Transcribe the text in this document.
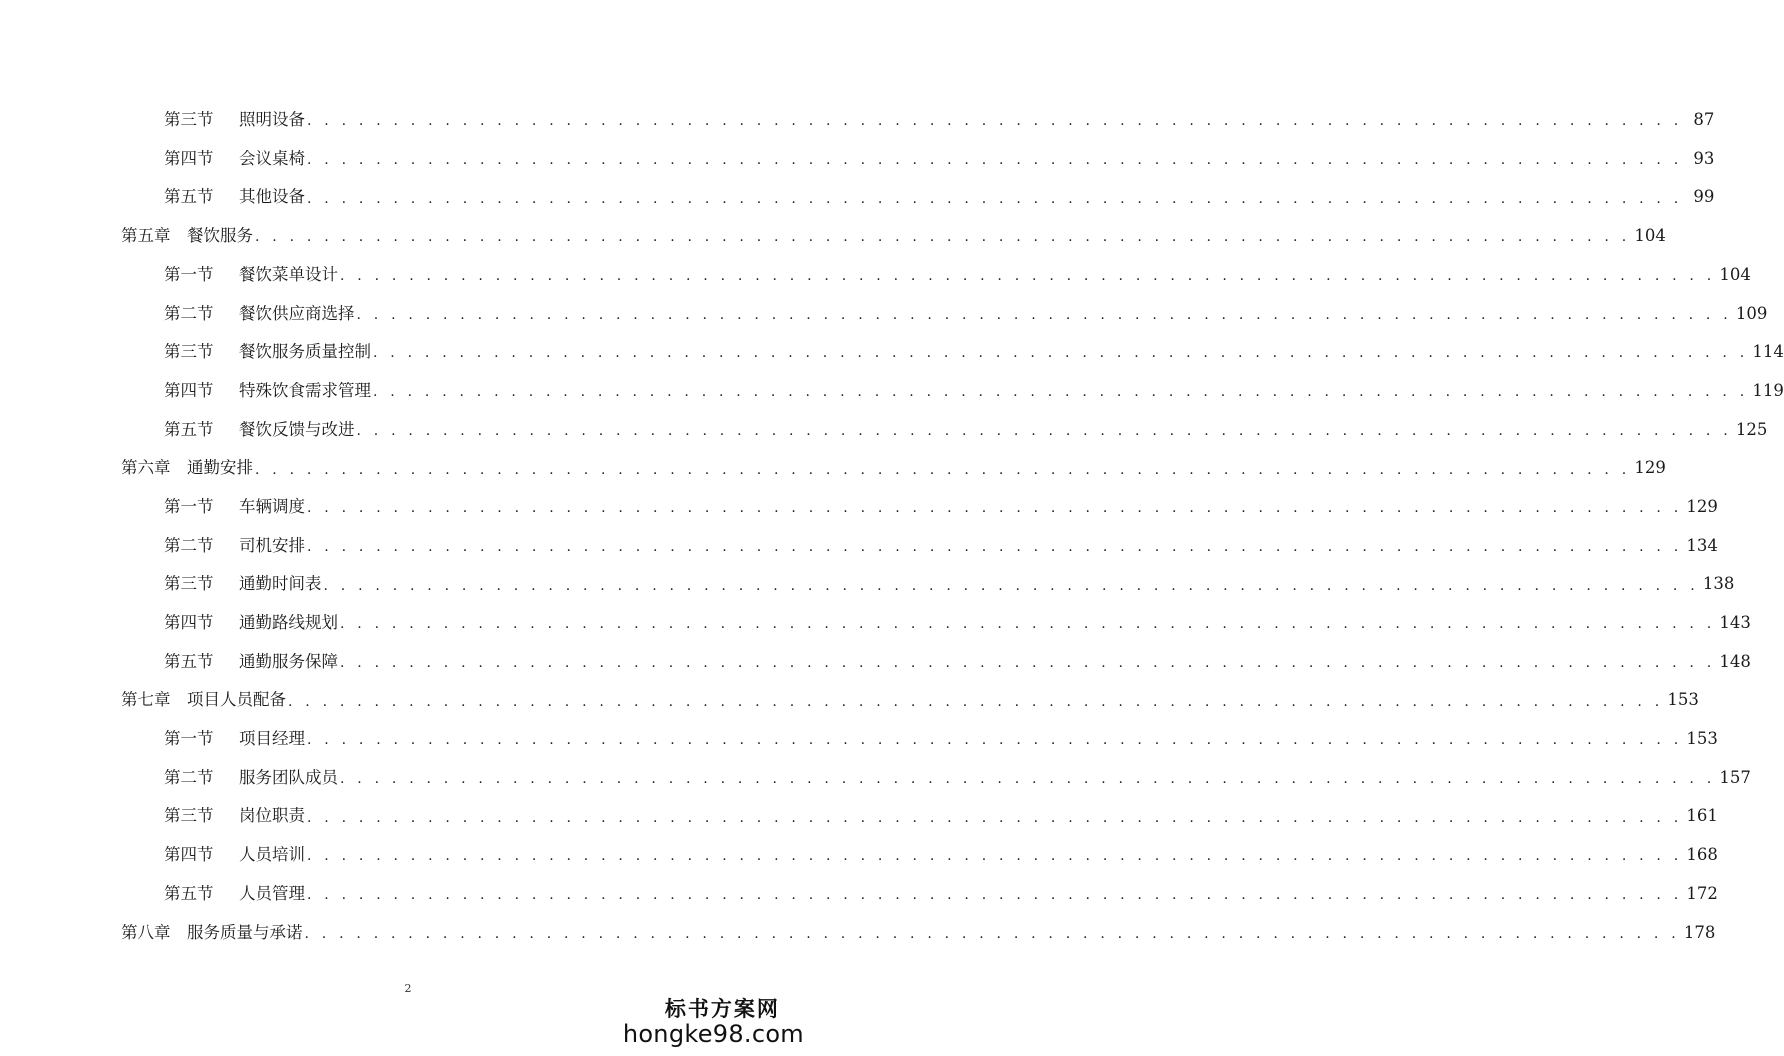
第三节 照明设备 . . . . . . . . . . . . . . . . . . . . . . . . . . . . . . . . . . . . . . . . . . . . . . . . . . . . . . . . . . . . . . . . . . . . . . . . . . . . . . . . 87
第四节 会议桌椅 . . . . . . . . . . . . . . . . . . . . . . . . . . . . . . . . . . . . . . . . . . . . . . . . . . . . . . . . . . . . . . . . . . . . . . . . . . . . . . . . 93
第五节 其他设备 . . . . . . . . . . . . . . . . . . . . . . . . . . . . . . . . . . . . . . . . . . . . . . . . . . . . . . . . . . . . . . . . . . . . . . . . . . . . . . . . 99
第五章 餐饮服务 . . . . . . . . . . . . . . . . . . . . . . . . . . . . . . . . . . . . . . . . . . . . . . . . . . . . . . . . . . . . . . . . . . . . . . . . . . . . . . . . 104
第一节 餐饮菜单设计 . . . . . . . . . . . . . . . . . . . . . . . . . . . . . . . . . . . . . . . . . . . . . . . . . . . . . . . . . . . . . . . . . . . . . . . . . . . . . . . . 104
第二节 餐饮供应商选择 . . . . . . . . . . . . . . . . . . . . . . . . . . . . . . . . . . . . . . . . . . . . . . . . . . . . . . . . . . . . . . . . . . . . . . . . . . . . . . . . 109
第三节 餐饮服务质量控制 . . . . . . . . . . . . . . . . . . . . . . . . . . . . . . . . . . . . . . . . . . . . . . . . . . . . . . . . . . . . . . . . . . . . . . . . . . . . . . . . 114
第四节 特殊饮食需求管理 . . . . . . . . . . . . . . . . . . . . . . . . . . . . . . . . . . . . . . . . . . . . . . . . . . . . . . . . . . . . . . . . . . . . . . . . . . . . . . . . 119
第五节 餐饮反馈与改进 . . . . . . . . . . . . . . . . . . . . . . . . . . . . . . . . . . . . . . . . . . . . . . . . . . . . . . . . . . . . . . . . . . . . . . . . . . . . . . . . 125
第六章 通勤安排 . . . . . . . . . . . . . . . . . . . . . . . . . . . . . . . . . . . . . . . . . . . . . . . . . . . . . . . . . . . . . . . . . . . . . . . . . . . . . . . . 129
第一节 车辆调度 . . . . . . . . . . . . . . . . . . . . . . . . . . . . . . . . . . . . . . . . . . . . . . . . . . . . . . . . . . . . . . . . . . . . . . . . . . . . . . . . 129
第二节 司机安排 . . . . . . . . . . . . . . . . . . . . . . . . . . . . . . . . . . . . . . . . . . . . . . . . . . . . . . . . . . . . . . . . . . . . . . . . . . . . . . . . 134
第三节 通勤时间表 . . . . . . . . . . . . . . . . . . . . . . . . . . . . . . . . . . . . . . . . . . . . . . . . . . . . . . . . . . . . . . . . . . . . . . . . . . . . . . . . 138
第四节 通勤路线规划 . . . . . . . . . . . . . . . . . . . . . . . . . . . . . . . . . . . . . . . . . . . . . . . . . . . . . . . . . . . . . . . . . . . . . . . . . . . . . . . . 143
第五节 通勤服务保障 . . . . . . . . . . . . . . . . . . . . . . . . . . . . . . . . . . . . . . . . . . . . . . . . . . . . . . . . . . . . . . . . . . . . . . . . . . . . . . . . 148
第七章 项目人员配备 . . . . . . . . . . . . . . . . . . . . . . . . . . . . . . . . . . . . . . . . . . . . . . . . . . . . . . . . . . . . . . . . . . . . . . . . . . . . . . . . 153
第一节 项目经理 . . . . . . . . . . . . . . . . . . . . . . . . . . . . . . . . . . . . . . . . . . . . . . . . . . . . . . . . . . . . . . . . . . . . . . . . . . . . . . . . 153
第二节 服务团队成员 . . . . . . . . . . . . . . . . . . . . . . . . . . . . . . . . . . . . . . . . . . . . . . . . . . . . . . . . . . . . . . . . . . . . . . . . . . . . . . . . 157
第三节 岗位职责 . . . . . . . . . . . . . . . . . . . . . . . . . . . . . . . . . . . . . . . . . . . . . . . . . . . . . . . . . . . . . . . . . . . . . . . . . . . . . . . . 161
第四节 人员培训 . . . . . . . . . . . . . . . . . . . . . . . . . . . . . . . . . . . . . . . . . . . . . . . . . . . . . . . . . . . . . . . . . . . . . . . . . . . . . . . . 168
第五节 人员管理 . . . . . . . . . . . . . . . . . . . . . . . . . . . . . . . . . . . . . . . . . . . . . . . . . . . . . . . . . . . . . . . . . . . . . . . . . . . . . . . . 172
第八章 服务质量与承诺 . . . . . . . . . . . . . . . . . . . . . . . . . . . . . . . . . . . . . . . . . . . . . . . . . . . . . . . . . . . . . . . . . . . . . . . . . . . . . . . . 178
2
标书方案网
hongke98.com
